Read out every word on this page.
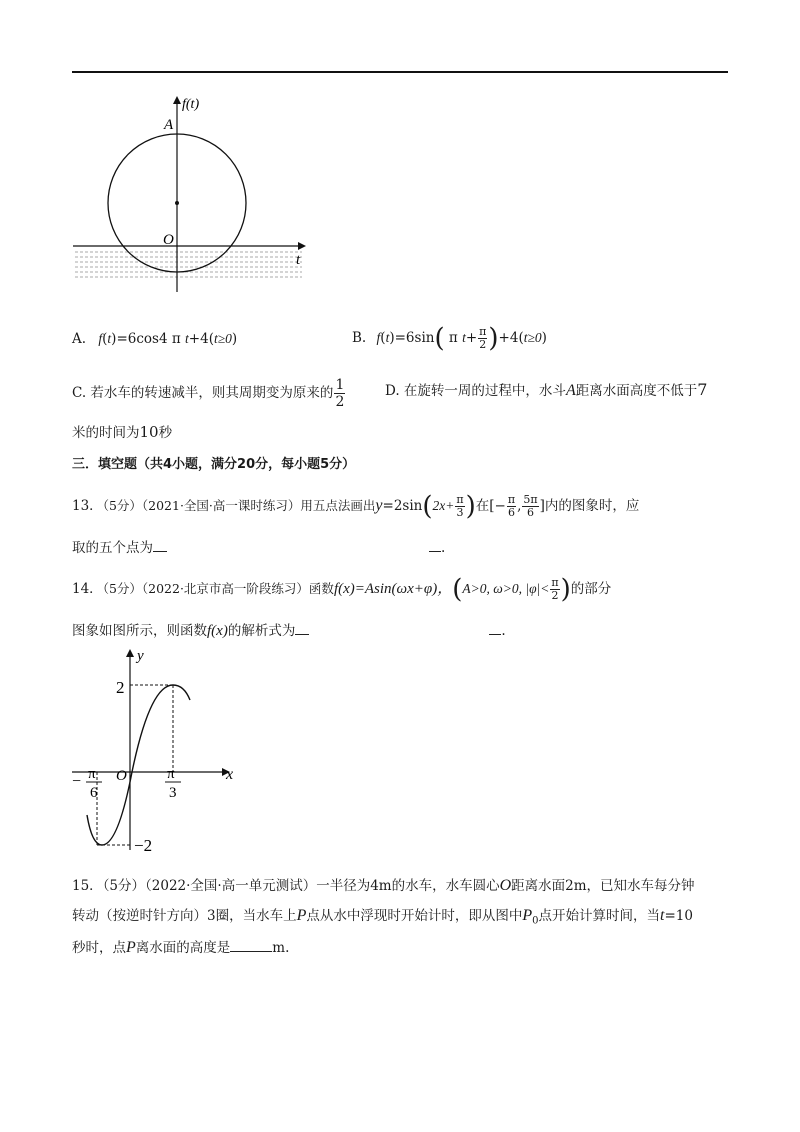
f(t)
t
A
O
A. f(t)=6cos4 π t+4(t≥0)	B. f(t)=6sin( π $t+ \frac{\pi}{2} )+4(t\ge 0)$
C. 若水车的转速减半，则其周期变为原来的 $\frac{1}{2}$	D. 在旋转一周的过程中，水斗A距离水面高度不低于7
米的时间为10秒
三．填空题（共4小题，满分20分，每小题5分）
13．（5分）（2021·全国·高一课时练习）用五点法画出$y=2\sin(2x+ \frac{\pi}{3}$ )在[− $\frac{\pi}{6}$ , $\frac{5\pi}{6}$ ]内的图象时，应
取的五个点为	.
14．（5分）（2022·北京市高一阶段练习）函数f(x)=Asin(ωx+φ)，(A>0, ω>0, $|\varphi|< \frac{\pi}{2}$ )的部分
图象如图所示，则函数f(x)的解析式为	.
y
x
O
2
−2
− π
6
π
3
15．（5分）（2022·全国·高一单元测试）一半径为4m的水车，水车圆心O距离水面2m，已知水车每分钟
转动（按逆时针方向）3圈，当水车上P点从水中浮现时开始计时，即从图中$P_0$点开始计算时间，当t=10
秒时，点P离水面的高度是	m.
